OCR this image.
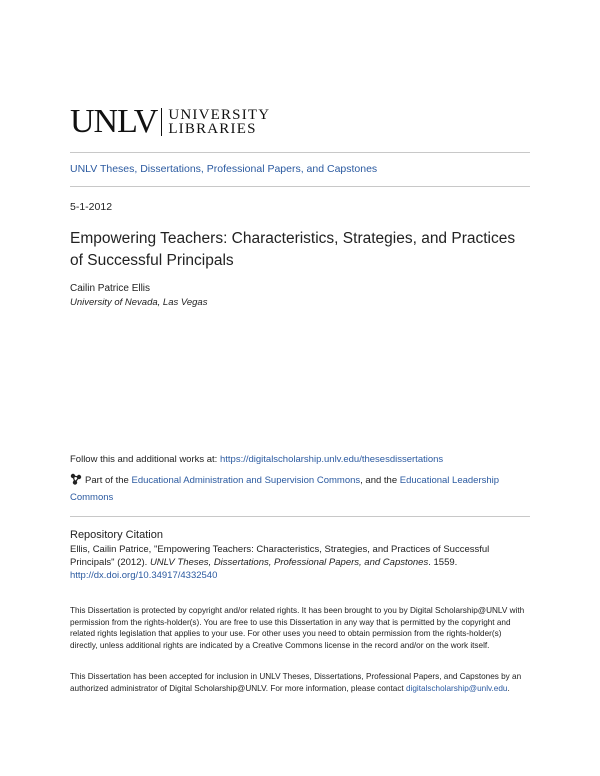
UNLV UNIVERSITY
LIBRARIES
UNLV Theses, Dissertations, Professional Papers, and Capstones
5-1-2012
Empowering Teachers: Characteristics, Strategies, and Practices of Successful Principals
Cailin Patrice Ellis
University of Nevada, Las Vegas
Follow this and additional works at: https://digitalscholarship.unlv.edu/thesesdissertations
Part of the Educational Administration and Supervision Commons, and the Educational Leadership Commons
Repository Citation
Ellis, Cailin Patrice, "Empowering Teachers: Characteristics, Strategies, and Practices of Successful Principals" (2012). UNLV Theses, Dissertations, Professional Papers, and Capstones. 1559.
http://dx.doi.org/10.34917/4332540
This Dissertation is protected by copyright and/or related rights. It has been brought to you by Digital Scholarship@UNLV with permission from the rights-holder(s). You are free to use this Dissertation in any way that is permitted by the copyright and related rights legislation that applies to your use. For other uses you need to obtain permission from the rights-holder(s) directly, unless additional rights are indicated by a Creative Commons license in the record and/or on the work itself.
This Dissertation has been accepted for inclusion in UNLV Theses, Dissertations, Professional Papers, and Capstones by an authorized administrator of Digital Scholarship@UNLV. For more information, please contact digitalscholarship@unlv.edu.
